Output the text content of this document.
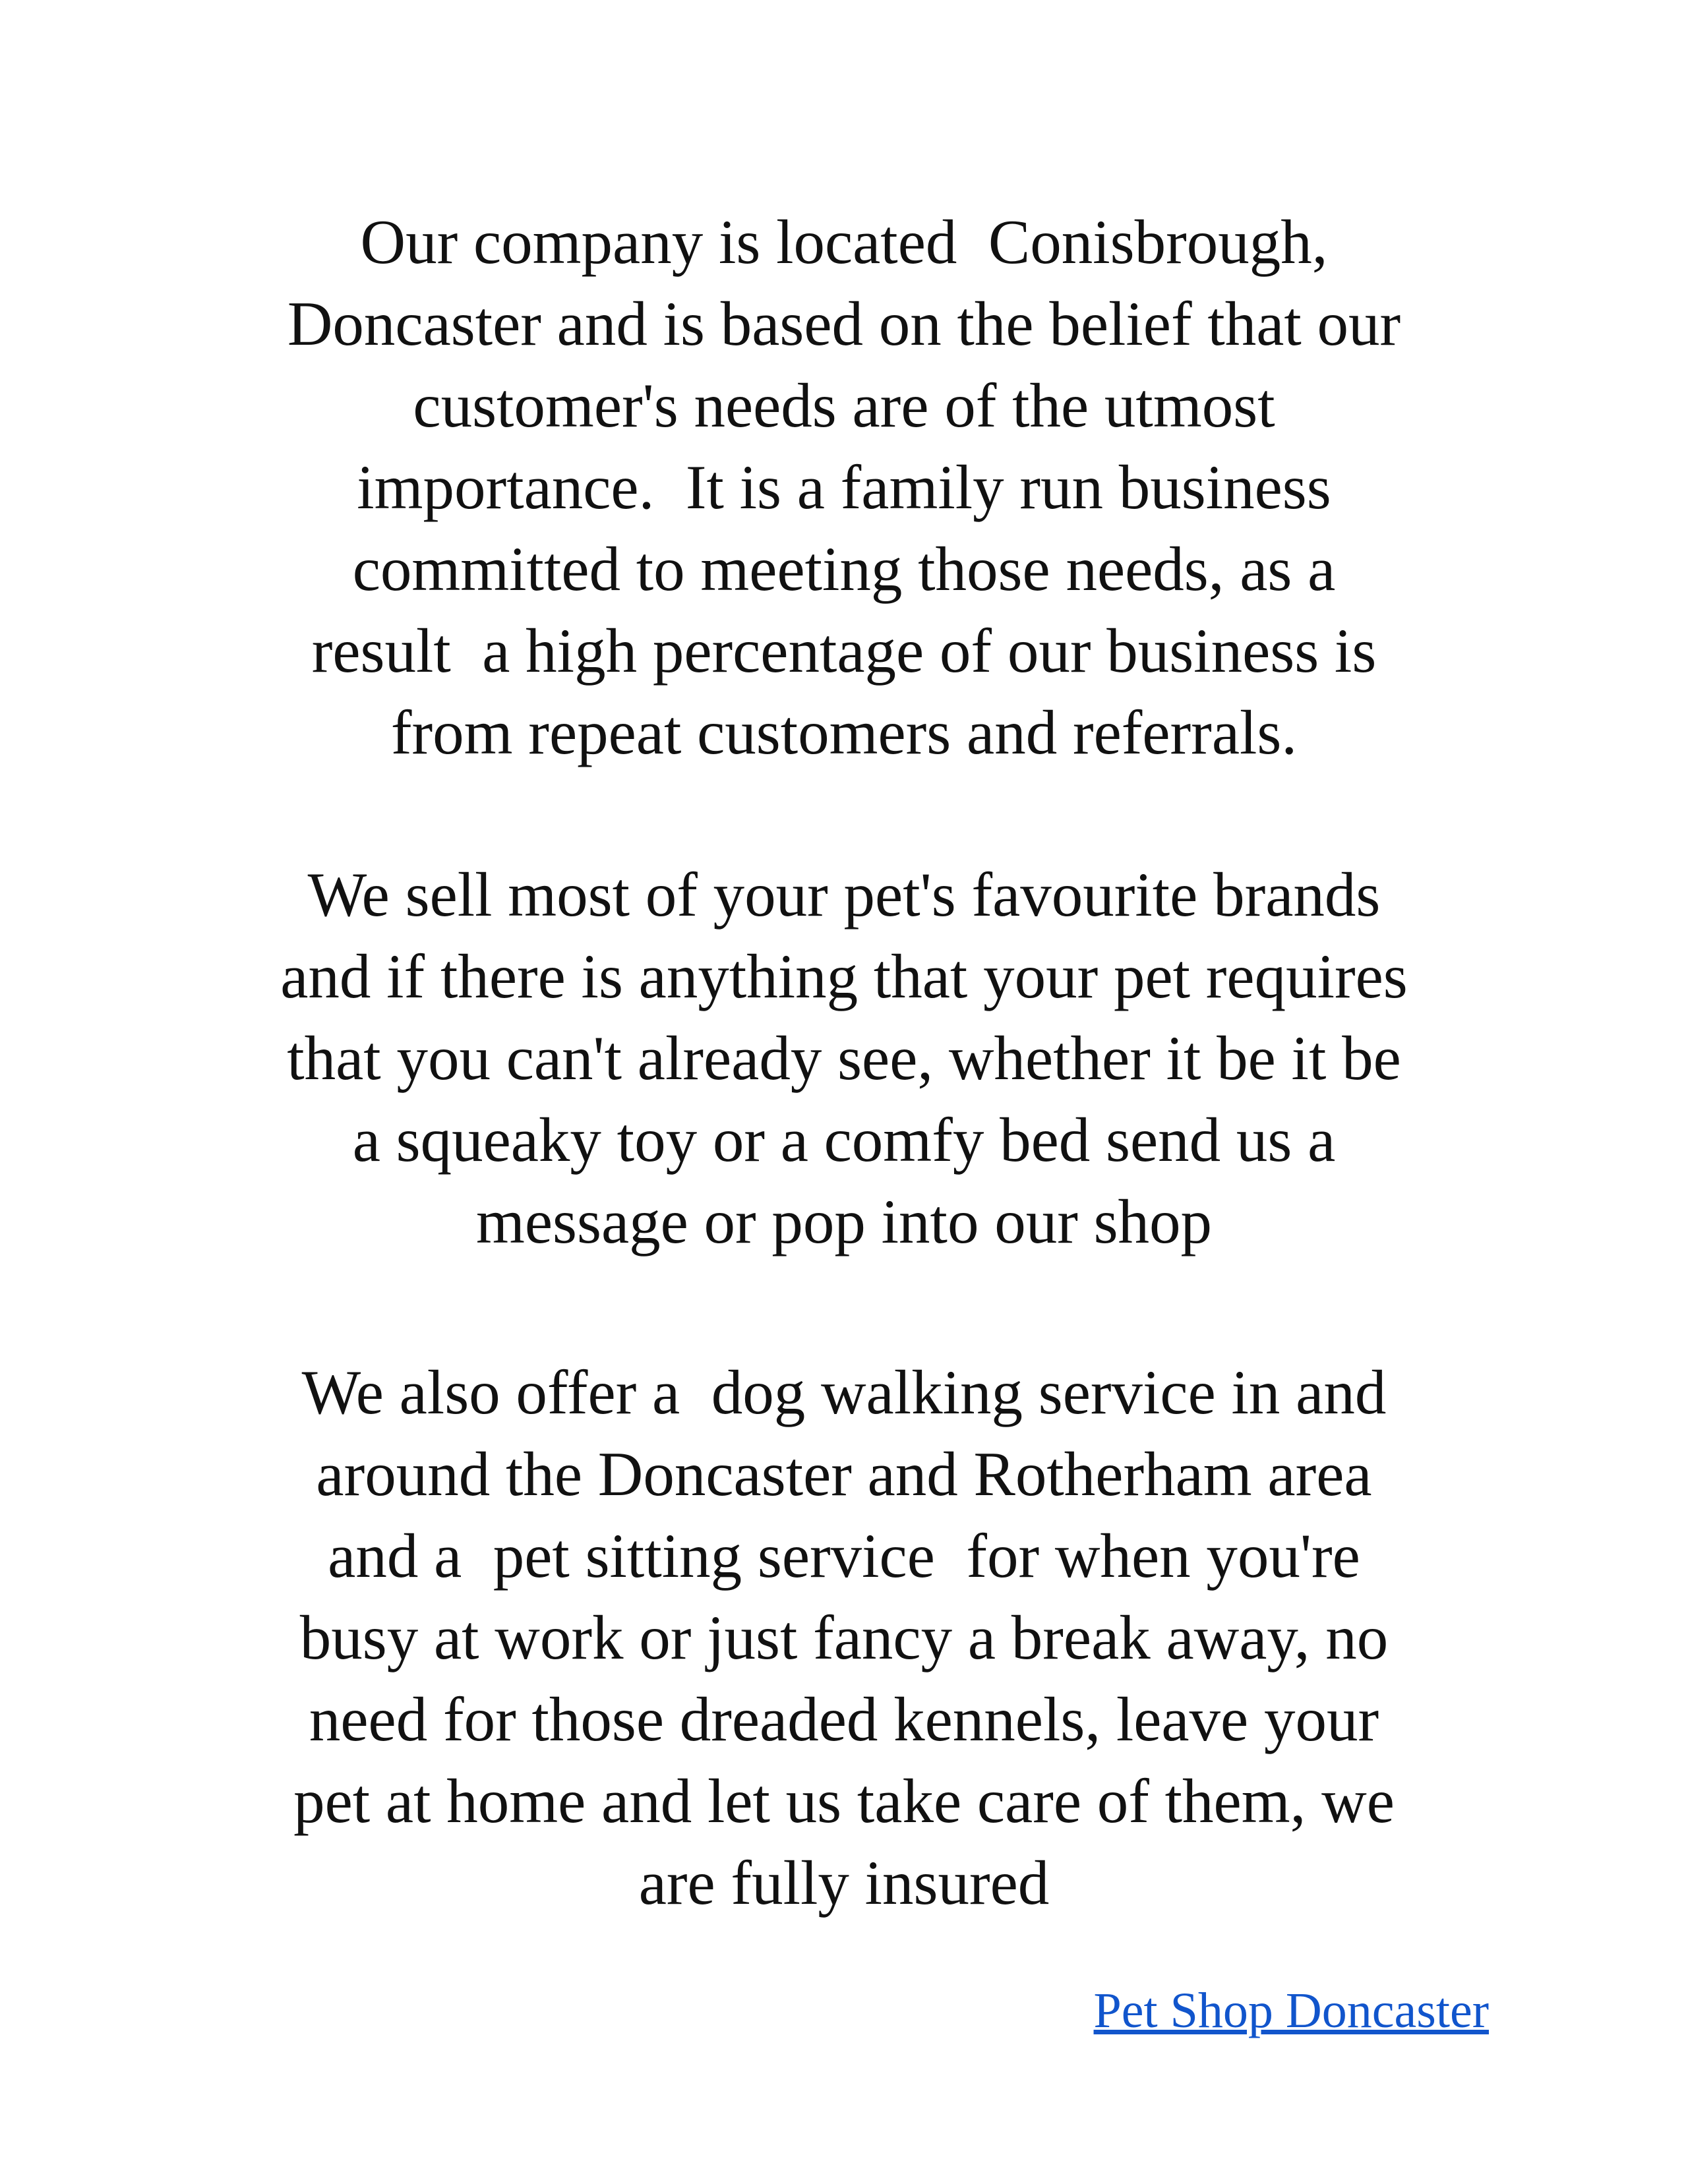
Our company is located  Conisbrough,
Doncaster and is based on the belief that our
customer's needs are of the utmost
importance.  It is a family run business
committed to meeting those needs, as a
result  a high percentage of our business is
from repeat customers and referrals.

We sell most of your pet's favourite brands
and if there is anything that your pet requires
that you can't already see, whether it be it be
a squeaky toy or a comfy bed send us a
message or pop into our shop

We also offer a  dog walking service in and
around the Doncaster and Rotherham area
and a  pet sitting service  for when you're
busy at work or just fancy a break away, no
need for those dreaded kennels, leave your
pet at home and let us take care of them, we
are fully insured

Pet Shop Doncaster
